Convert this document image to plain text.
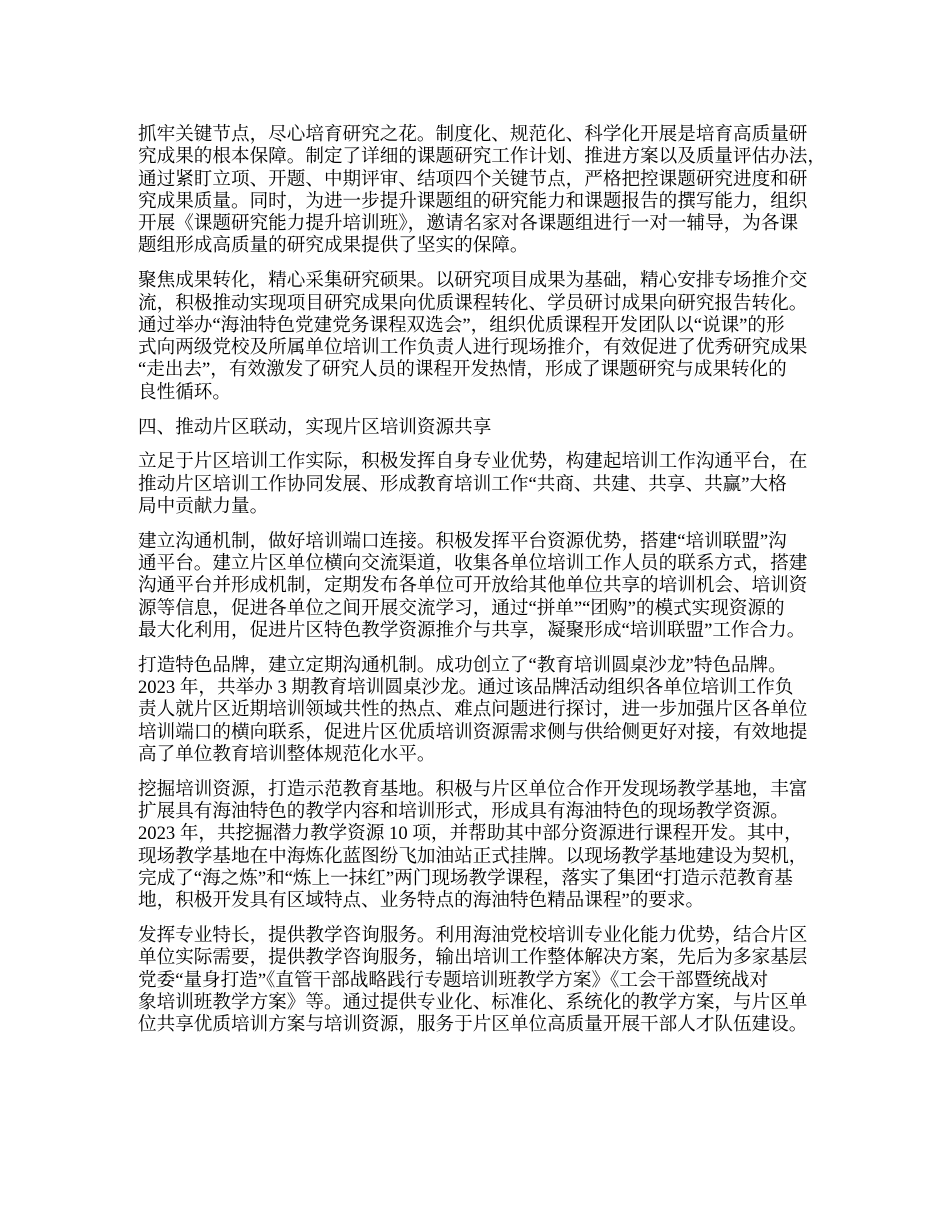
抓牢关键节点，尽心培育研究之花。制度化、规范化、科学化开展是培育高质量研
究成果的根本保障。制定了详细的课题研究工作计划、推进方案以及质量评估办法，
通过紧盯立项、开题、中期评审、结项四个关键节点，严格把控课题研究进度和研
究成果质量。同时，为进一步提升课题组的研究能力和课题报告的撰写能力，组织
开展《课题研究能力提升培训班》，邀请名家对各课题组进行一对一辅导，为各课
题组形成高质量的研究成果提供了坚实的保障。
聚焦成果转化，精心采集研究硕果。以研究项目成果为基础，精心安排专场推介交
流，积极推动实现项目研究成果向优质课程转化、学员研讨成果向研究报告转化。
通过举办“海油特色党建党务课程双选会”，组织优质课程开发团队以“说课”的形
式向两级党校及所属单位培训工作负责人进行现场推介，有效促进了优秀研究成果
“走出去”，有效激发了研究人员的课程开发热情，形成了课题研究与成果转化的
良性循环。
四、推动片区联动，实现片区培训资源共享
立足于片区培训工作实际，积极发挥自身专业优势，构建起培训工作沟通平台，在
推动片区培训工作协同发展、形成教育培训工作“共商、共建、共享、共赢”大格
局中贡献力量。
建立沟通机制，做好培训端口连接。积极发挥平台资源优势，搭建“培训联盟”沟
通平台。建立片区单位横向交流渠道，收集各单位培训工作人员的联系方式，搭建
沟通平台并形成机制，定期发布各单位可开放给其他单位共享的培训机会、培训资
源等信息，促进各单位之间开展交流学习，通过“拼单”“团购”的模式实现资源的
最大化利用，促进片区特色教学资源推介与共享，凝聚形成“培训联盟”工作合力。
打造特色品牌，建立定期沟通机制。成功创立了“教育培训圆桌沙龙”特色品牌。
2023 年，共举办 3 期教育培训圆桌沙龙。通过该品牌活动组织各单位培训工作负
责人就片区近期培训领域共性的热点、难点问题进行探讨，进一步加强片区各单位
培训端口的横向联系，促进片区优质培训资源需求侧与供给侧更好对接，有效地提
高了单位教育培训整体规范化水平。
挖掘培训资源，打造示范教育基地。积极与片区单位合作开发现场教学基地，丰富
扩展具有海油特色的教学内容和培训形式，形成具有海油特色的现场教学资源。
2023 年，共挖掘潜力教学资源 10 项，并帮助其中部分资源进行课程开发。其中，
现场教学基地在中海炼化蓝图纷飞加油站正式挂牌。以现场教学基地建设为契机，
完成了“海之炼”和“炼上一抹红”两门现场教学课程，落实了集团“打造示范教育基
地，积极开发具有区域特点、业务特点的海油特色精品课程”的要求。
发挥专业特长，提供教学咨询服务。利用海油党校培训专业化能力优势，结合片区
单位实际需要，提供教学咨询服务，输出培训工作整体解决方案，先后为多家基层
党委“量身打造”《直管干部战略践行专题培训班教学方案》《工会干部暨统战对
象培训班教学方案》等。通过提供专业化、标准化、系统化的教学方案，与片区单
位共享优质培训方案与培训资源，服务于片区单位高质量开展干部人才队伍建设。
